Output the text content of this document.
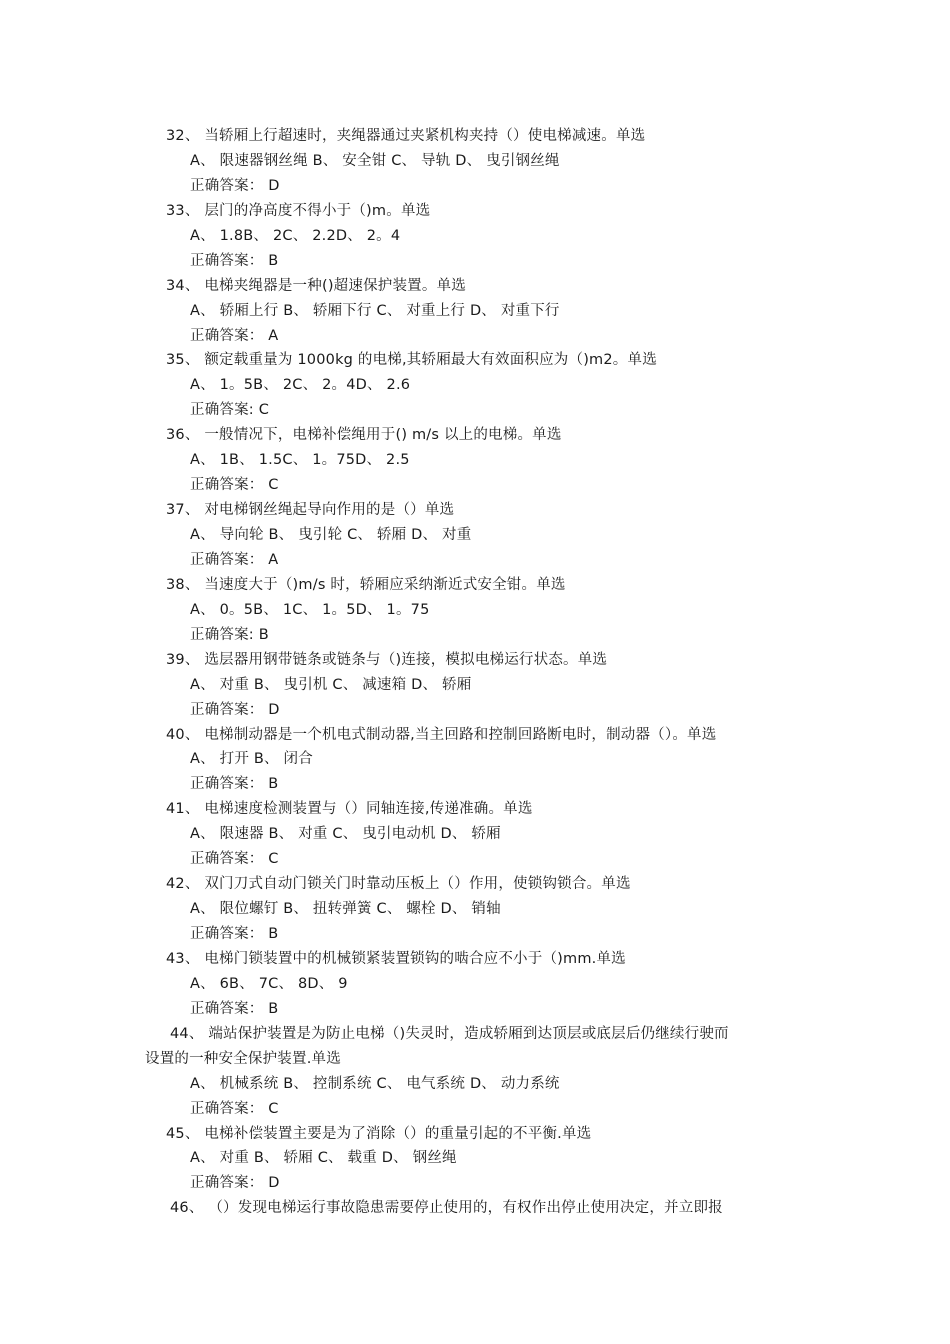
32、 当轿厢上行超速时，夹绳器通过夹紧机构夹持（）使电梯减速。单选
A、 限速器钢丝绳 B、 安全钳 C、 导轨 D、 曳引钢丝绳
正确答案： D
33、 层门的净高度不得小于（)m。单选
A、 1.8B、 2C、 2.2D、 2。4
正确答案： B
34、 电梯夹绳器是一种()超速保护装置。单选
A、 轿厢上行 B、 轿厢下行 C、 对重上行 D、 对重下行
正确答案： A
35、 额定载重量为 1000kg 的电梯,其轿厢最大有效面积应为（)m2。单选
A、 1。5B、 2C、 2。4D、 2.6
正确答案: C
36、 一般情况下，电梯补偿绳用于() m/s 以上的电梯。单选
A、 1B、 1.5C、 1。75D、 2.5
正确答案： C
37、 对电梯钢丝绳起导向作用的是（）单选
A、 导向轮 B、 曳引轮 C、 轿厢 D、 对重
正确答案： A
38、 当速度大于（)m/s 时，轿厢应采纳渐近式安全钳。单选
A、 0。5B、 1C、 1。5D、 1。75
正确答案: B
39、 选层器用钢带链条或链条与（)连接，模拟电梯运行状态。单选
A、 对重 B、 曳引机 C、 减速箱 D、 轿厢
正确答案： D
40、 电梯制动器是一个机电式制动器,当主回路和控制回路断电时，制动器（）。单选
A、 打开 B、 闭合
正确答案： B
41、 电梯速度检测装置与（）同轴连接,传递准确。单选
A、 限速器 B、 对重 C、 曳引电动机 D、 轿厢
正确答案： C
42、 双门刀式自动门锁关门时靠动压板上（）作用，使锁钩锁合。单选
A、 限位螺钉 B、 扭转弹簧 C、 螺栓 D、 销轴
正确答案： B
43、 电梯门锁装置中的机械锁紧装置锁钩的啮合应不小于（)mm.单选
A、 6B、 7C、 8D、 9
正确答案： B
44、 端站保护装置是为防止电梯（)失灵时，造成轿厢到达顶层或底层后仍继续行驶而
设置的一种安全保护装置.单选
A、 机械系统 B、 控制系统 C、 电气系统 D、 动力系统
正确答案： C
45、 电梯补偿装置主要是为了消除（）的重量引起的不平衡.单选
A、 对重 B、 轿厢 C、 载重 D、 钢丝绳
正确答案： D
46、 （）发现电梯运行事故隐患需要停止使用的，有权作出停止使用决定，并立即报
